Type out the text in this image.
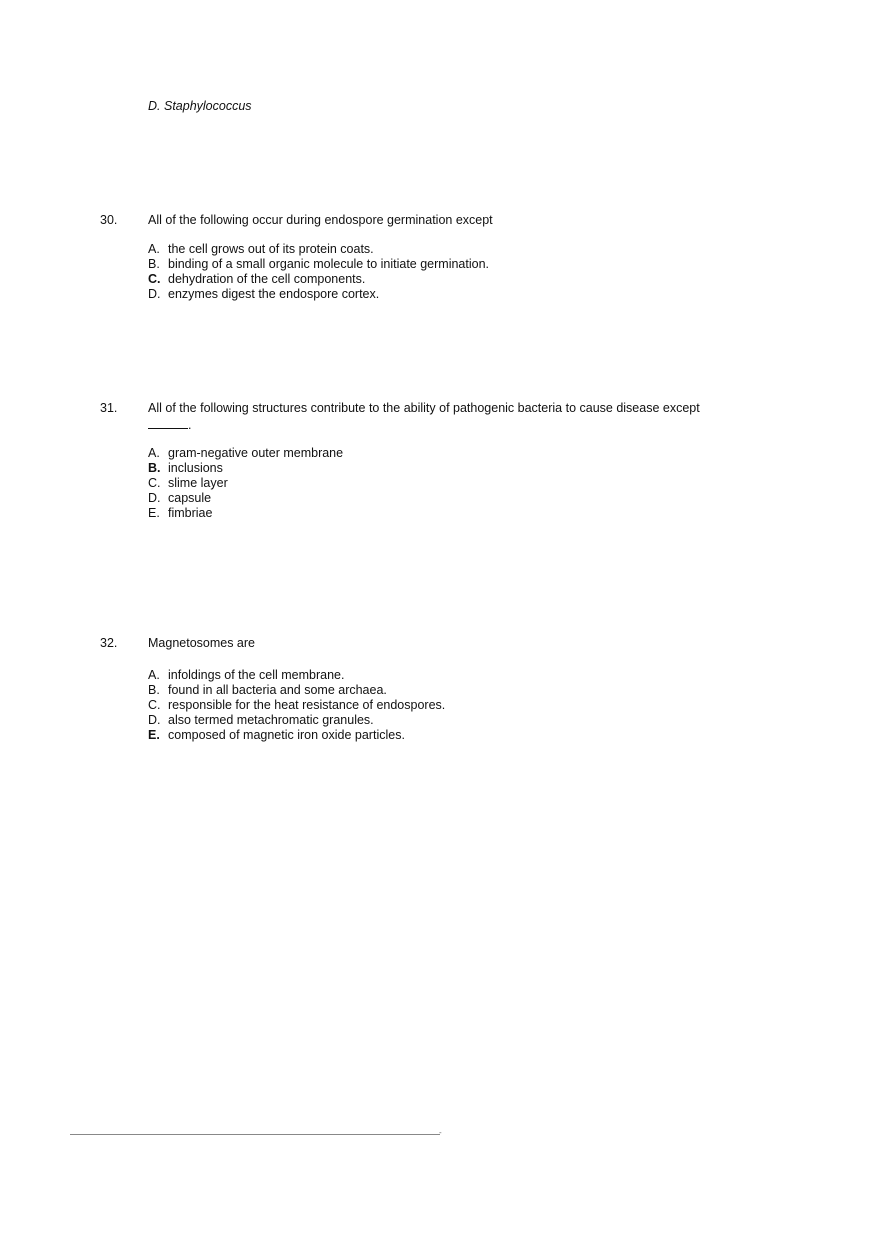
D. Staphylococcus
30. All of the following occur during endospore germination except
A. the cell grows out of its protein coats.
B. binding of a small organic molecule to initiate germination.
C. dehydration of the cell components.
D. enzymes digest the endospore cortex.
31. All of the following structures contribute to the ability of pathogenic bacteria to cause disease except
.
A. gram-negative outer membrane
B. inclusions
C. slime layer
D. capsule
E. fimbriae
32. Magnetosomes are
A. infoldings of the cell membrane.
B. found in all bacteria and some archaea.
C. responsible for the heat resistance of endospores.
D. also termed metachromatic granules.
E. composed of magnetic iron oxide particles.
-
